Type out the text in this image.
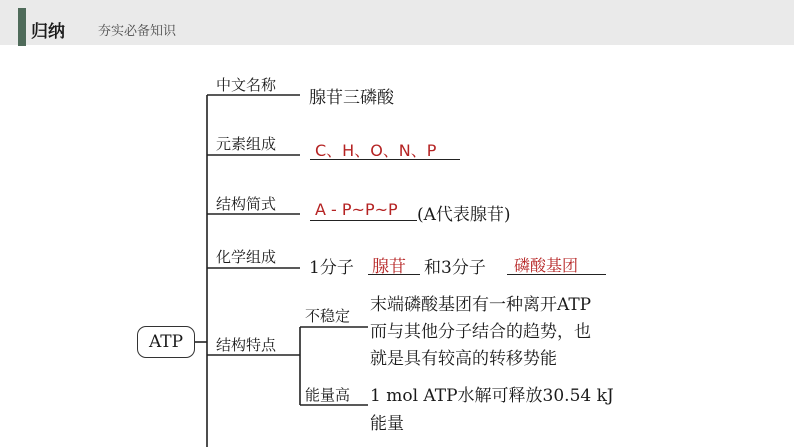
归纳	夯实必备知识
ATP
中文名称
腺苷三磷酸
元素组成 C、H、O、N、P
结构简式 A - P~P~P (A代表腺苷)
化学组成
1分子 腺苷 和3分子 磷酸基团
结构特点
不稳定
末端磷酸基团有一种离开ATP
而与其他分子结合的趋势，也
就是具有较高的转移势能
能量高 1 mol ATP水解可释放30.54 kJ
能量
